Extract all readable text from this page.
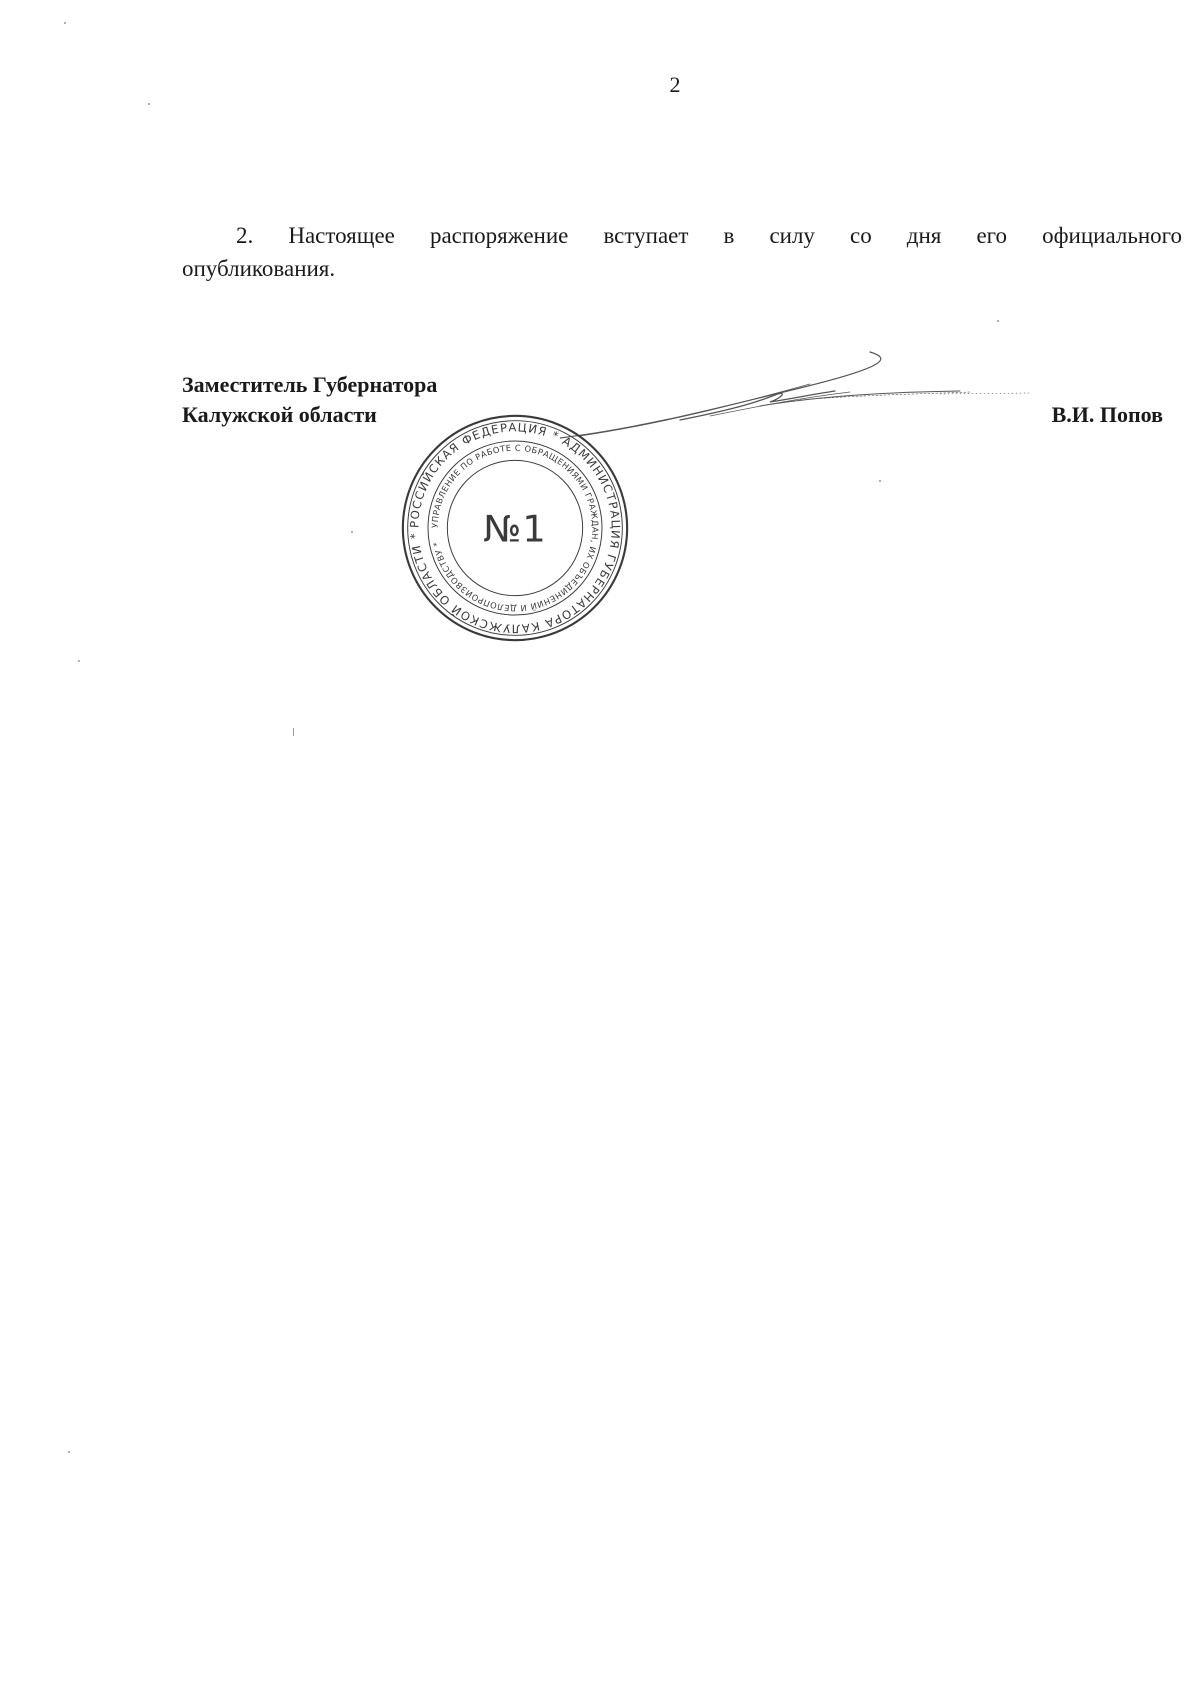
2
2. Настоящее распоряжение вступает в силу со дня его официального
опубликования.
Заместитель Губернатора
Калужской области	В.И. Попов
РОССИЙСКАЯ ФЕДЕРАЦИЯ * АДМИНИСТРАЦИЯ ГУБЕРНАТОРА КАЛУЖСКОЙ ОБЛАСТИ *
УПРАВЛЕНИЕ ПО РАБОТЕ С ОБРАЩЕНИЯМИ ГРАЖДАН, ИХ ОБЪЕДИНЕНИЙ И ДЕЛОПРОИЗВОДСТВУ *	№1
